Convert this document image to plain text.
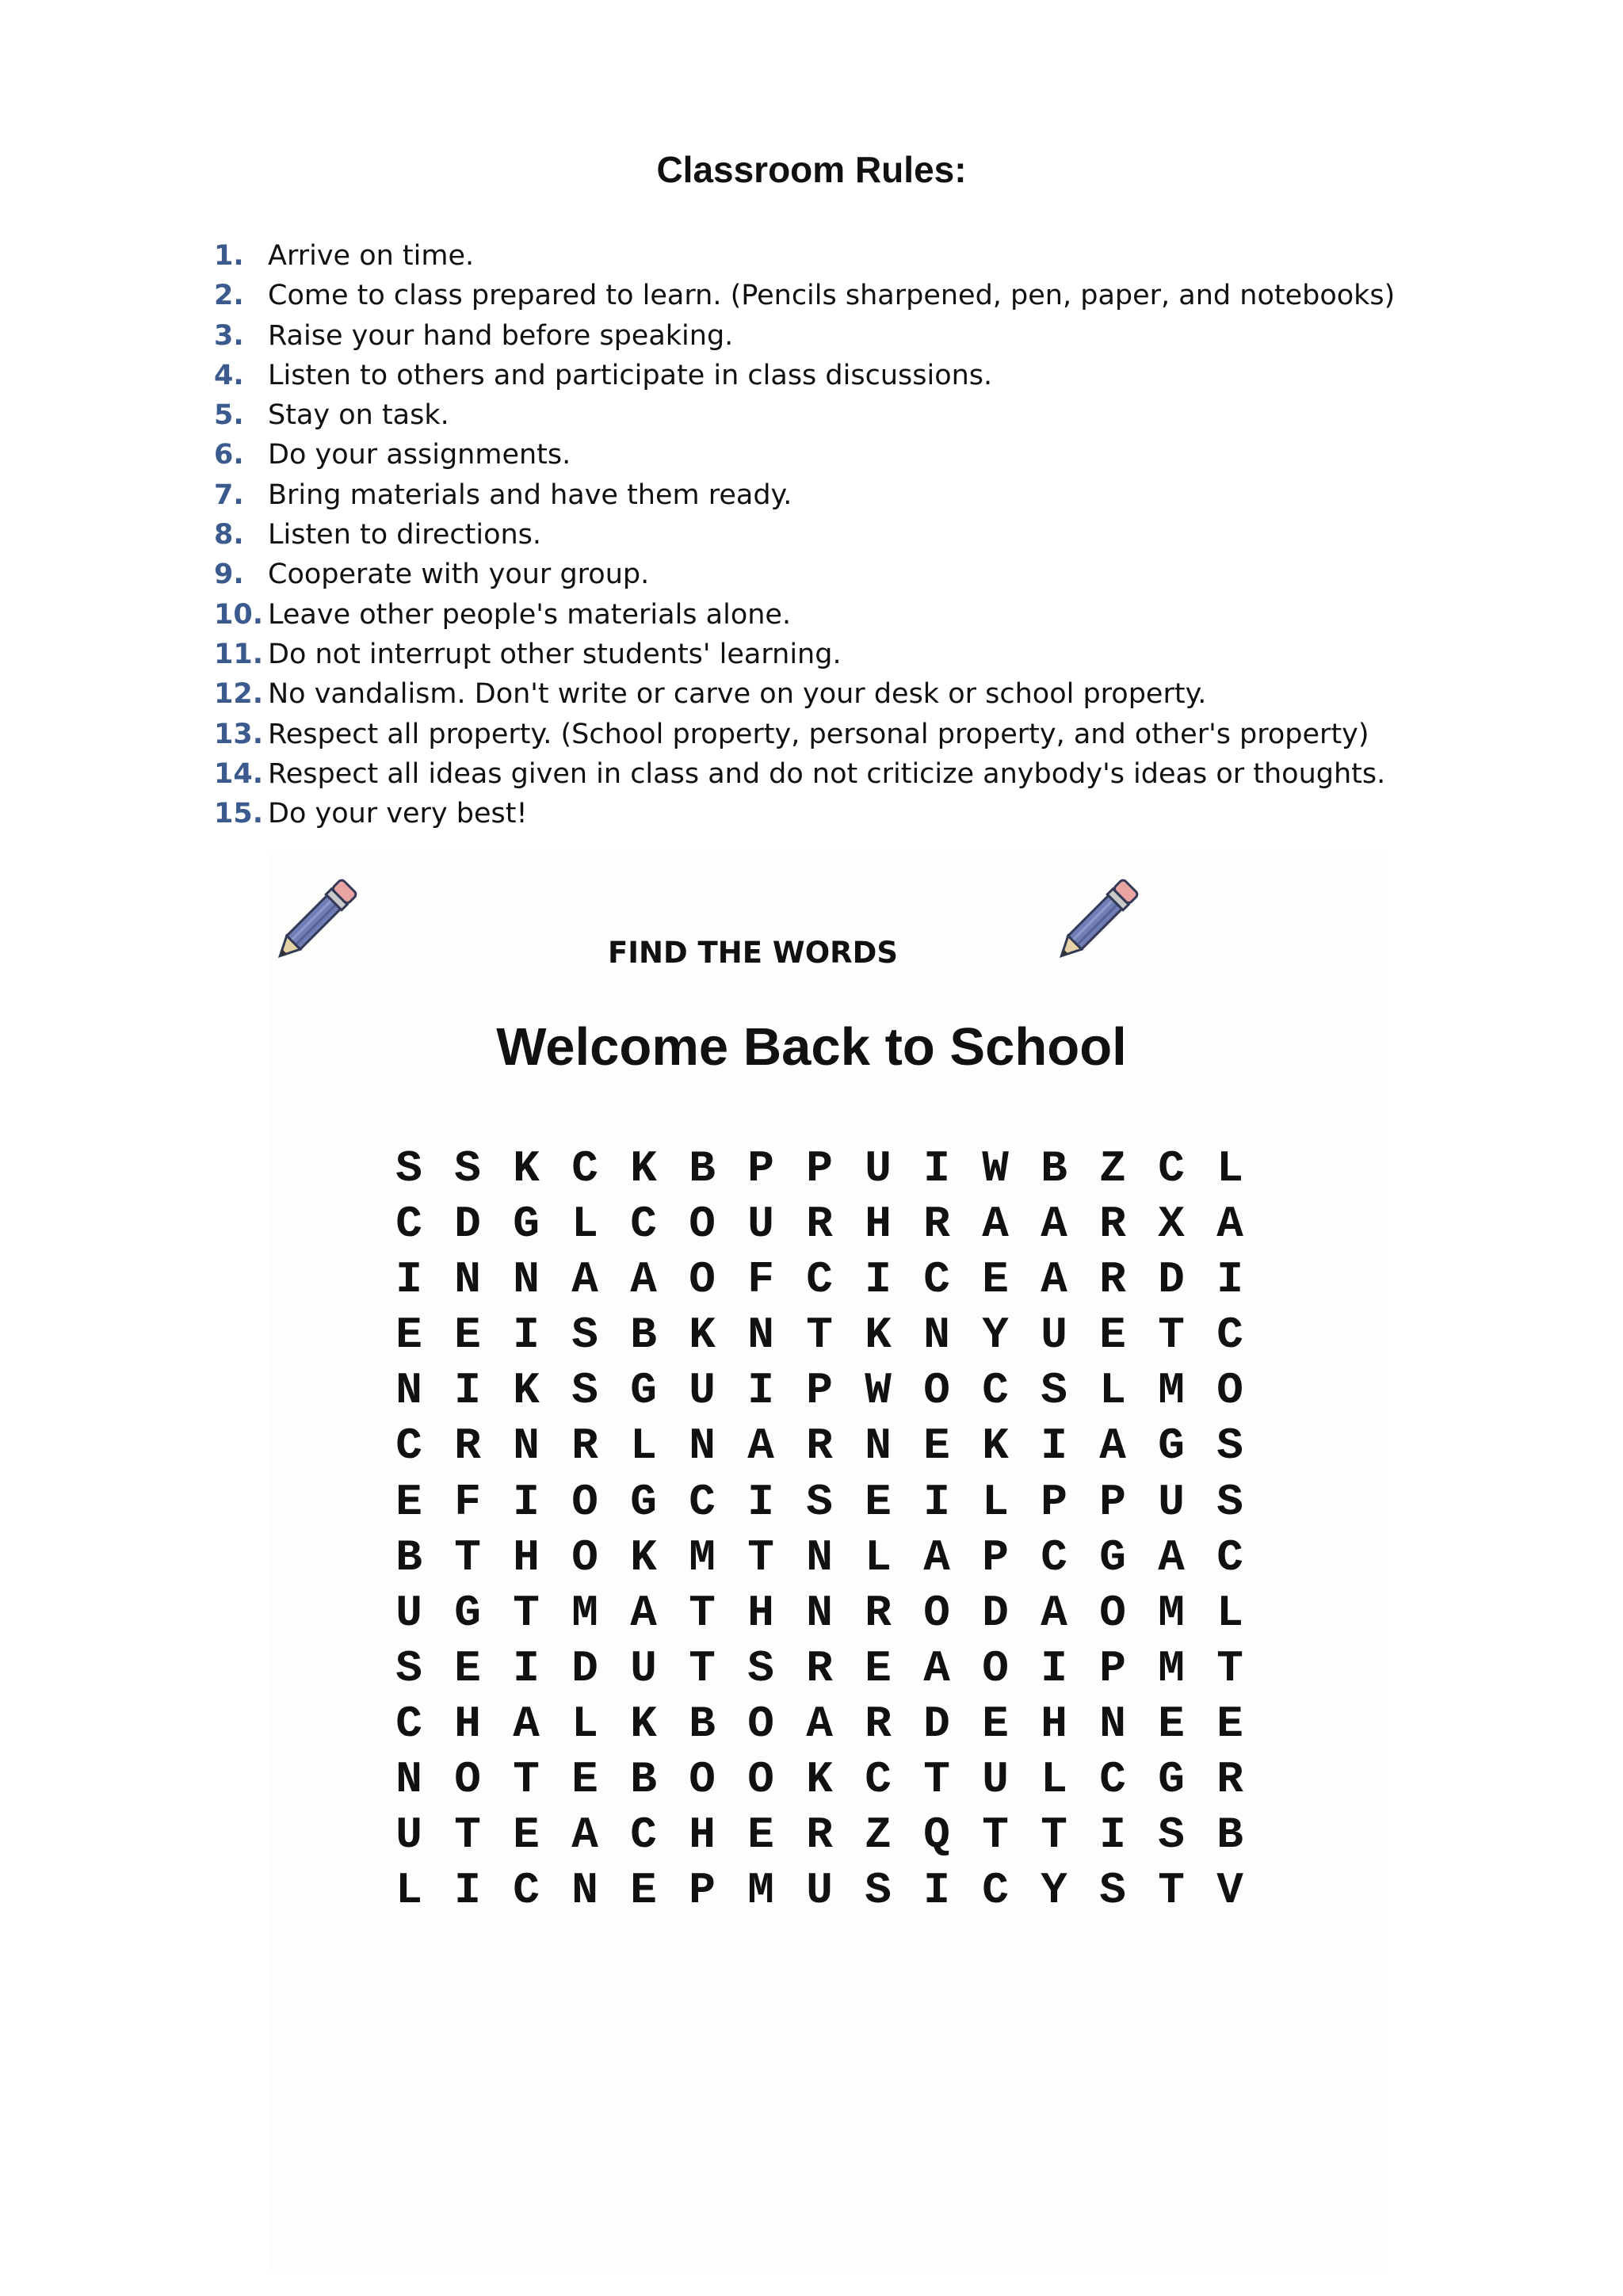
Classroom Rules:
1. Arrive on time.
2. Come to class prepared to learn. (Pencils sharpened, pen, paper, and notebooks)
3. Raise your hand before speaking.
4. Listen to others and participate in class discussions.
5. Stay on task.
6. Do your assignments.
7. Bring materials and have them ready.
8. Listen to directions.
9. Cooperate with your group.
10. Leave other people's materials alone.
11. Do not interrupt other students' learning.
12. No vandalism. Don't write or carve on your desk or school property.
13. Respect all property. (School property, personal property, and other's property)
14. Respect all ideas given in class and do not criticize anybody's ideas or thoughts.
15. Do your very best!
FIND THE WORDS
Welcome Back to School
S S K C K B P P U I W B Z C L
C D G L C O U R H R A A R X A
I N N A A O F C I C E A R D I
E E I S B K N T K N Y U E T C
N I K S G U I P W O C S L M O
C R N R L N A R N E K I A G S
E F I O G C I S E I L P P U S
B T H O K M T N L A P C G A C
U G T M A T H N R O D A O M L
S E I D U T S R E A O I P M T
C H A L K B O A R D E H N E E
N O T E B O O K C T U L C G R
U T E A C H E R Z Q T T I S B
L I C N E P M U S I C Y S T V
